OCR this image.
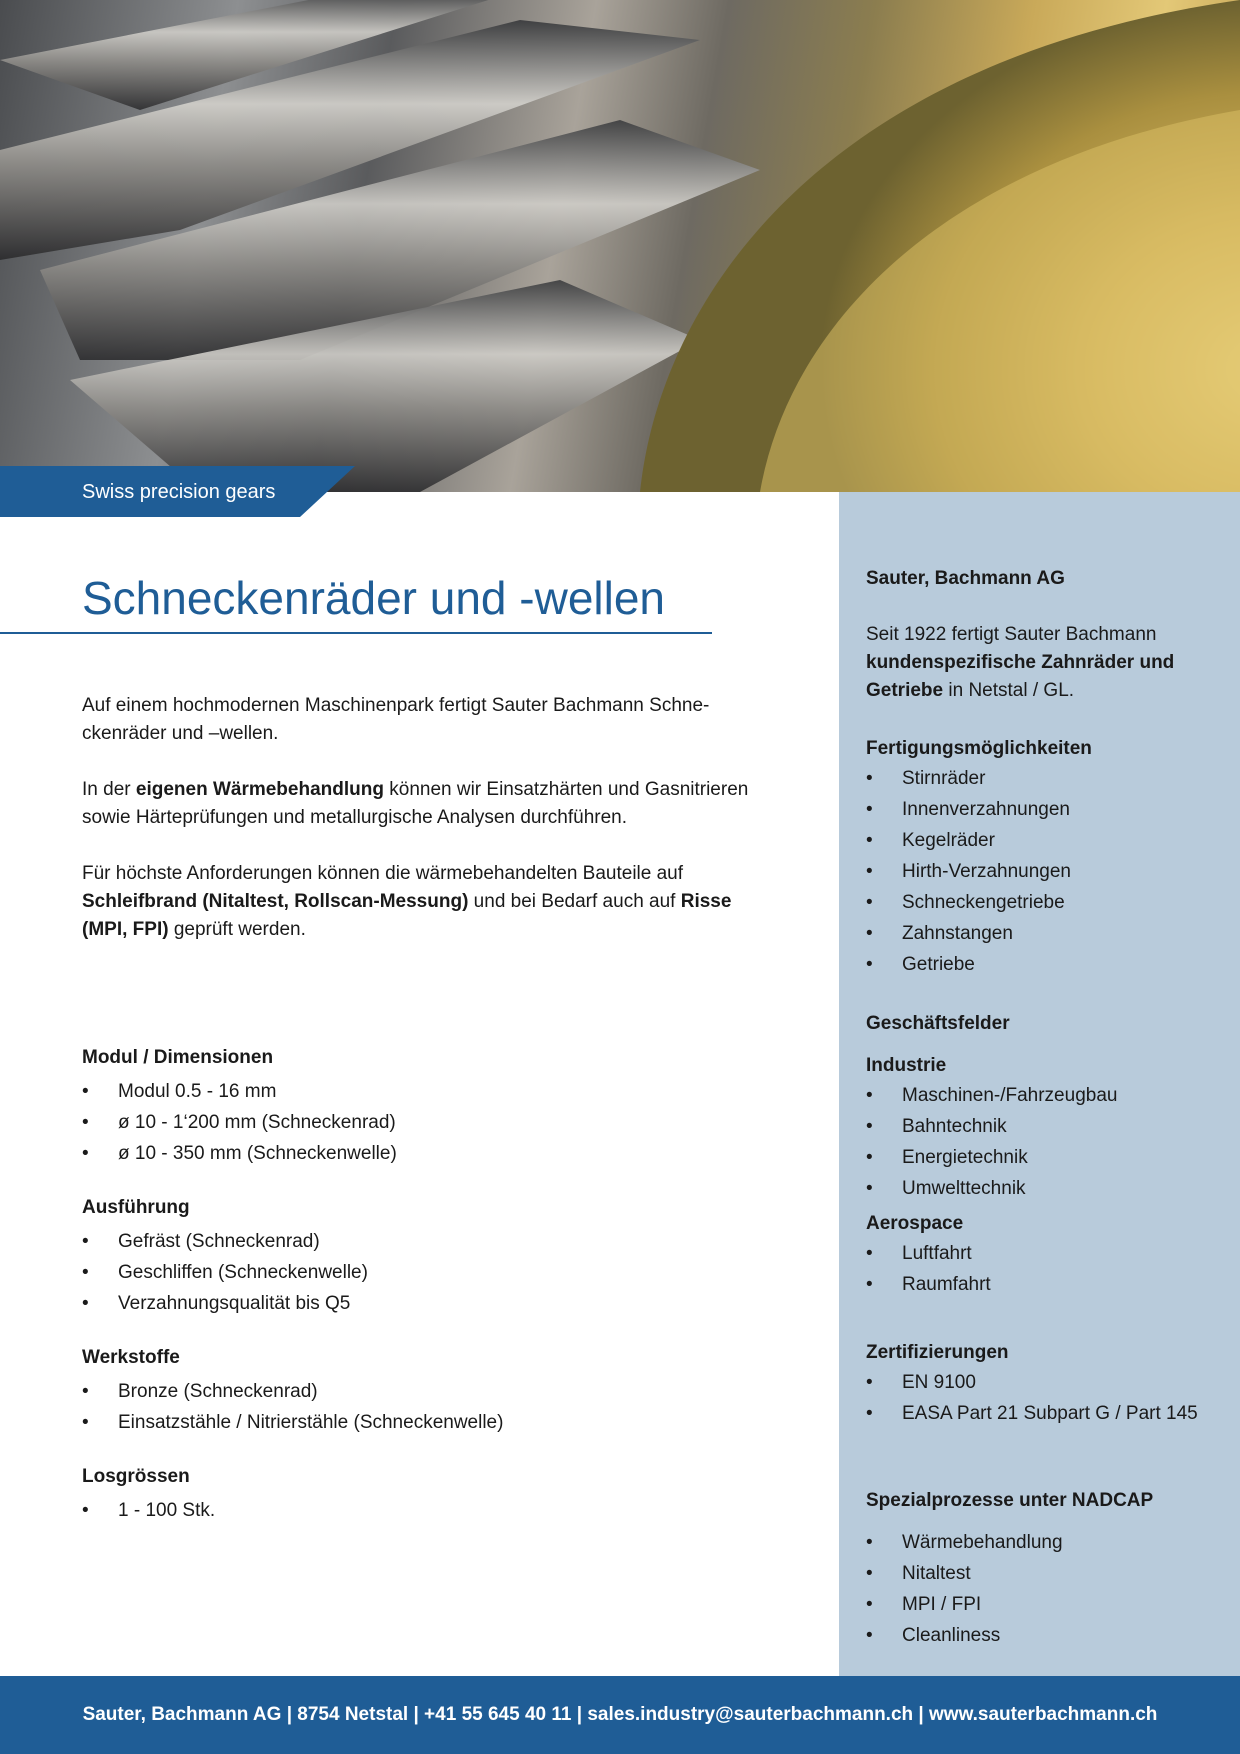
Swiss precision gears
Schneckenräder und -wellen

Auf einem hochmodernen Maschinenpark fertigt Sauter Bachmann Schneckenräder und –wellen.

In der eigenen Wärmebehandlung können wir Einsatzhärten und Gasnitrieren sowie Härteprüfungen und metallurgische Analysen durchführen.

Für höchste Anforderungen können die wärmebehandelten Bauteile auf Schleifbrand (Nitaltest, Rollscan-Messung) und bei Bedarf auch auf Risse (MPI, FPI) geprüft werden.

Modul / Dimensionen
• Modul 0.5 - 16 mm
• ø 10 - 1‘200 mm (Schneckenrad)
• ø 10 - 350 mm (Schneckenwelle)
Ausführung
• Gefräst (Schneckenrad)
• Geschliffen (Schneckenwelle)
• Verzahnungsqualität bis Q5
Werkstoffe
• Bronze (Schneckenrad)
• Einsatzstähle / Nitrierstähle (Schneckenwelle)
Losgrössen
• 1 - 100 Stk.
Sauter, Bachmann AG

Seit 1922 fertigt Sauter Bachmann kundenspezifische Zahnräder und Getriebe in Netstal / GL.

Fertigungsmöglichkeiten
• Stirnräder
• Innenverzahnungen
• Kegelräder
• Hirth-Verzahnungen
• Schneckengetriebe
• Zahnstangen
• Getriebe
Geschäftsfelder
Industrie
• Maschinen-/Fahrzeugbau
• Bahntechnik
• Energietechnik
• Umwelttechnik
Aerospace
• Luftfahrt
• Raumfahrt
Zertifizierungen
• EN 9100
• EASA Part 21 Subpart G / Part 145
Spezialprozesse unter NADCAP
• Wärmebehandlung
• Nitaltest
• MPI / FPI
• Cleanliness
Sauter, Bachmann AG | 8754 Netstal | +41 55 645 40 11 | sales.industry@sauterbachmann.ch | www.sauterbachmann.ch
